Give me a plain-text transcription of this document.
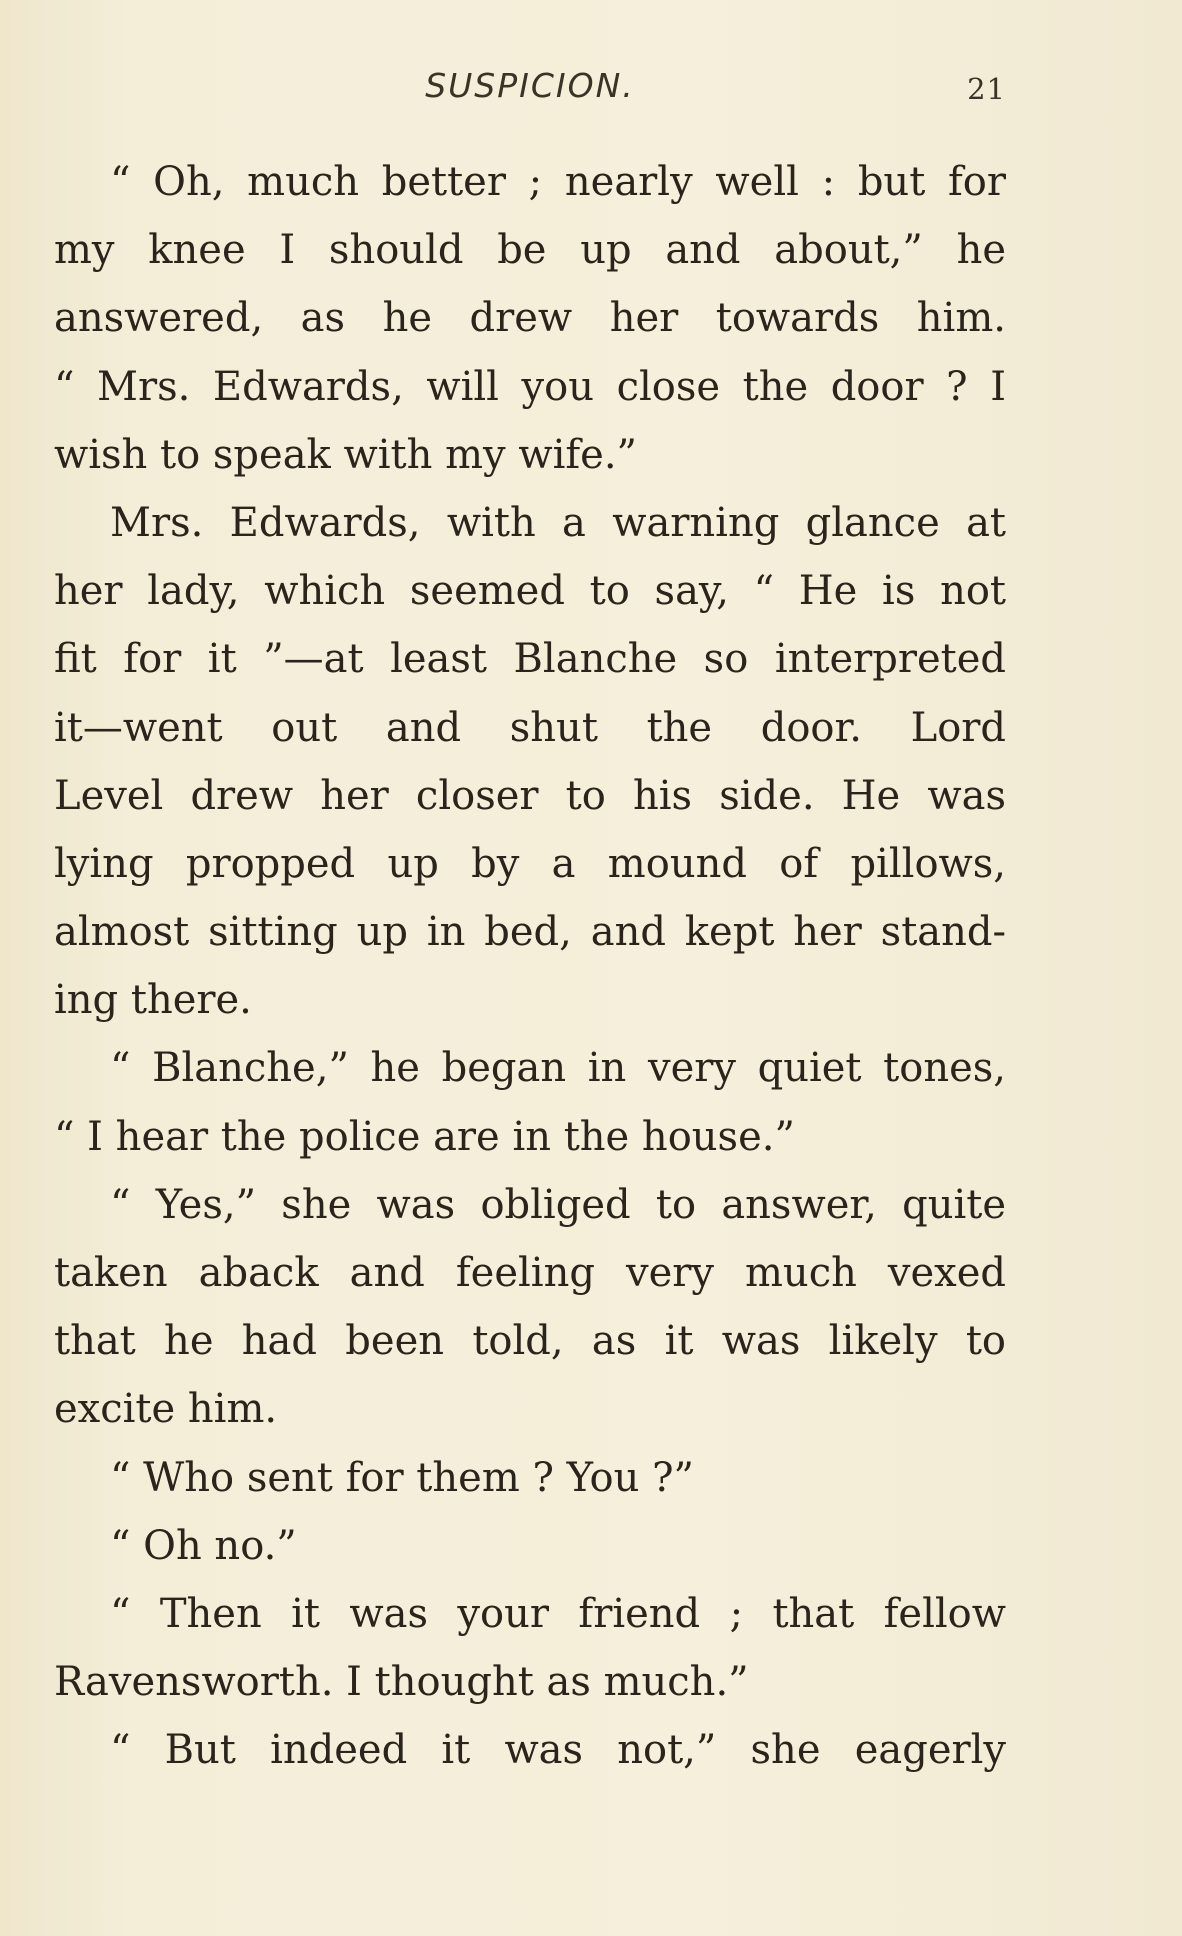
SUSPICION.	21
“ Oh, much better ; nearly well : but for
my knee I should be up and about,” he
answered, as he drew her towards him.
“ Mrs. Edwards, will you close the door ? I
wish to speak with my wife.”
Mrs. Edwards, with a warning glance at
her lady, which seemed to say, “ He is not
fit for it ”—at least Blanche so interpreted
it—went out and shut the door. Lord
Level drew her closer to his side. He was
lying propped up by a mound of pillows,
almost sitting up in bed, and kept her stand-
ing there.
“ Blanche,” he began in very quiet tones,
“ I hear the police are in the house.”
“ Yes,” she was obliged to answer, quite
taken aback and feeling very much vexed
that he had been told, as it was likely to
excite him.
“ Who sent for them ? You ?”
“ Oh no.”
“ Then it was your friend ; that fellow
Ravensworth. I thought as much.”
“ But indeed it was not,” she eagerly
